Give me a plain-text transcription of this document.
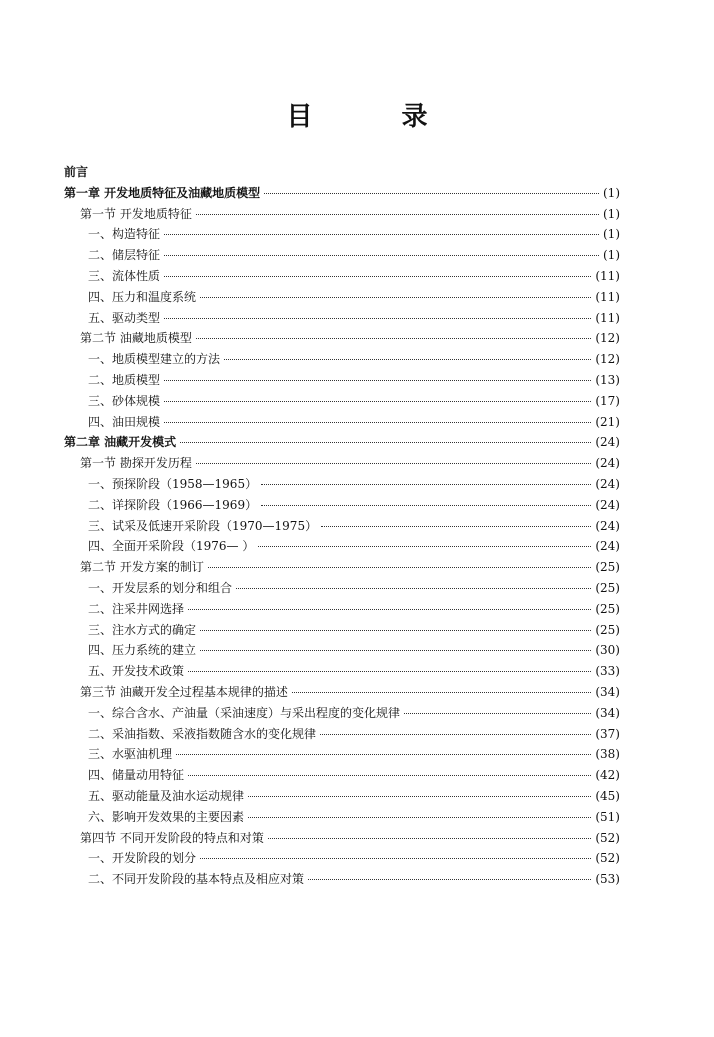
目 录
前言
第一章 开发地质特征及油藏地质模型	(1)
第一节 开发地质特征	(1)
一、构造特征	(1)
二、储层特征	(1)
三、流体性质	(11)
四、压力和温度系统	(11)
五、驱动类型	(11)
第二节 油藏地质模型	(12)
一、地质模型建立的方法	(12)
二、地质模型	(13)
三、砂体规模	(17)
四、油田规模	(21)
第二章 油藏开发模式	(24)
第一节 勘探开发历程	(24)
一、预探阶段（1958—1965）	(24)
二、详探阶段（1966—1969）	(24)
三、试采及低速开采阶段（1970—1975）	(24)
四、全面开采阶段（1976— ）	(24)
第二节 开发方案的制订	(25)
一、开发层系的划分和组合	(25)
二、注采井网选择	(25)
三、注水方式的确定	(25)
四、压力系统的建立	(30)
五、开发技术政策	(33)
第三节 油藏开发全过程基本规律的描述	(34)
一、综合含水、产油量（采油速度）与采出程度的变化规律	(34)
二、采油指数、采液指数随含水的变化规律	(37)
三、水驱油机理	(38)
四、储量动用特征	(42)
五、驱动能量及油水运动规律	(45)
六、影响开发效果的主要因素	(51)
第四节 不同开发阶段的特点和对策	(52)
一、开发阶段的划分	(52)
二、不同开发阶段的基本特点及相应对策	(53)
